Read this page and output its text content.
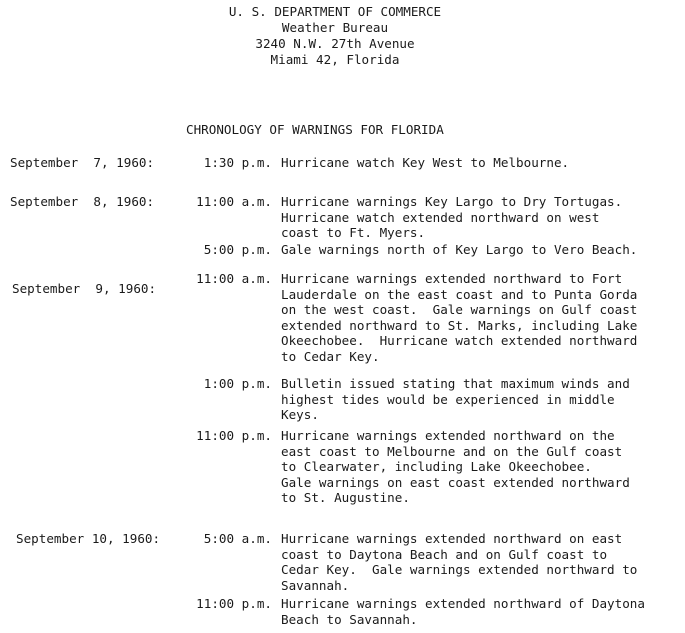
U. S. DEPARTMENT OF COMMERCE
Weather Bureau
3240 N.W. 27th Avenue
Miami 42, Florida
CHRONOLOGY OF WARNINGS FOR FLORIDA
September  7, 1960:	1:30 p.m. Hurricane watch Key West to Melbourne.
September  8, 1960:	11:00 a.m. Hurricane warnings Key Largo to Dry Tortugas.
Hurricane watch extended northward on west
coast to Ft. Myers.
5:00 p.m. Gale warnings north of Key Largo to Vero Beach.
September  9, 1960:
11:00 a.m. Hurricane warnings extended northward to Fort
Lauderdale on the east coast and to Punta Gorda
on the west coast.  Gale warnings on Gulf coast
extended northward to St. Marks, including Lake
Okeechobee.  Hurricane watch extended northward
to Cedar Key.
1:00 p.m. Bulletin issued stating that maximum winds and
highest tides would be experienced in middle
Keys.
11:00 p.m. Hurricane warnings extended northward on the
east coast to Melbourne and on the Gulf coast
to Clearwater, including Lake Okeechobee.
Gale warnings on east coast extended northward
to St. Augustine.
September 10, 1960:	5:00 a.m. Hurricane warnings extended northward on east
coast to Daytona Beach and on Gulf coast to
Cedar Key.  Gale warnings extended northward to
Savannah.
11:00 p.m. Hurricane warnings extended northward of Daytona
Beach to Savannah.
